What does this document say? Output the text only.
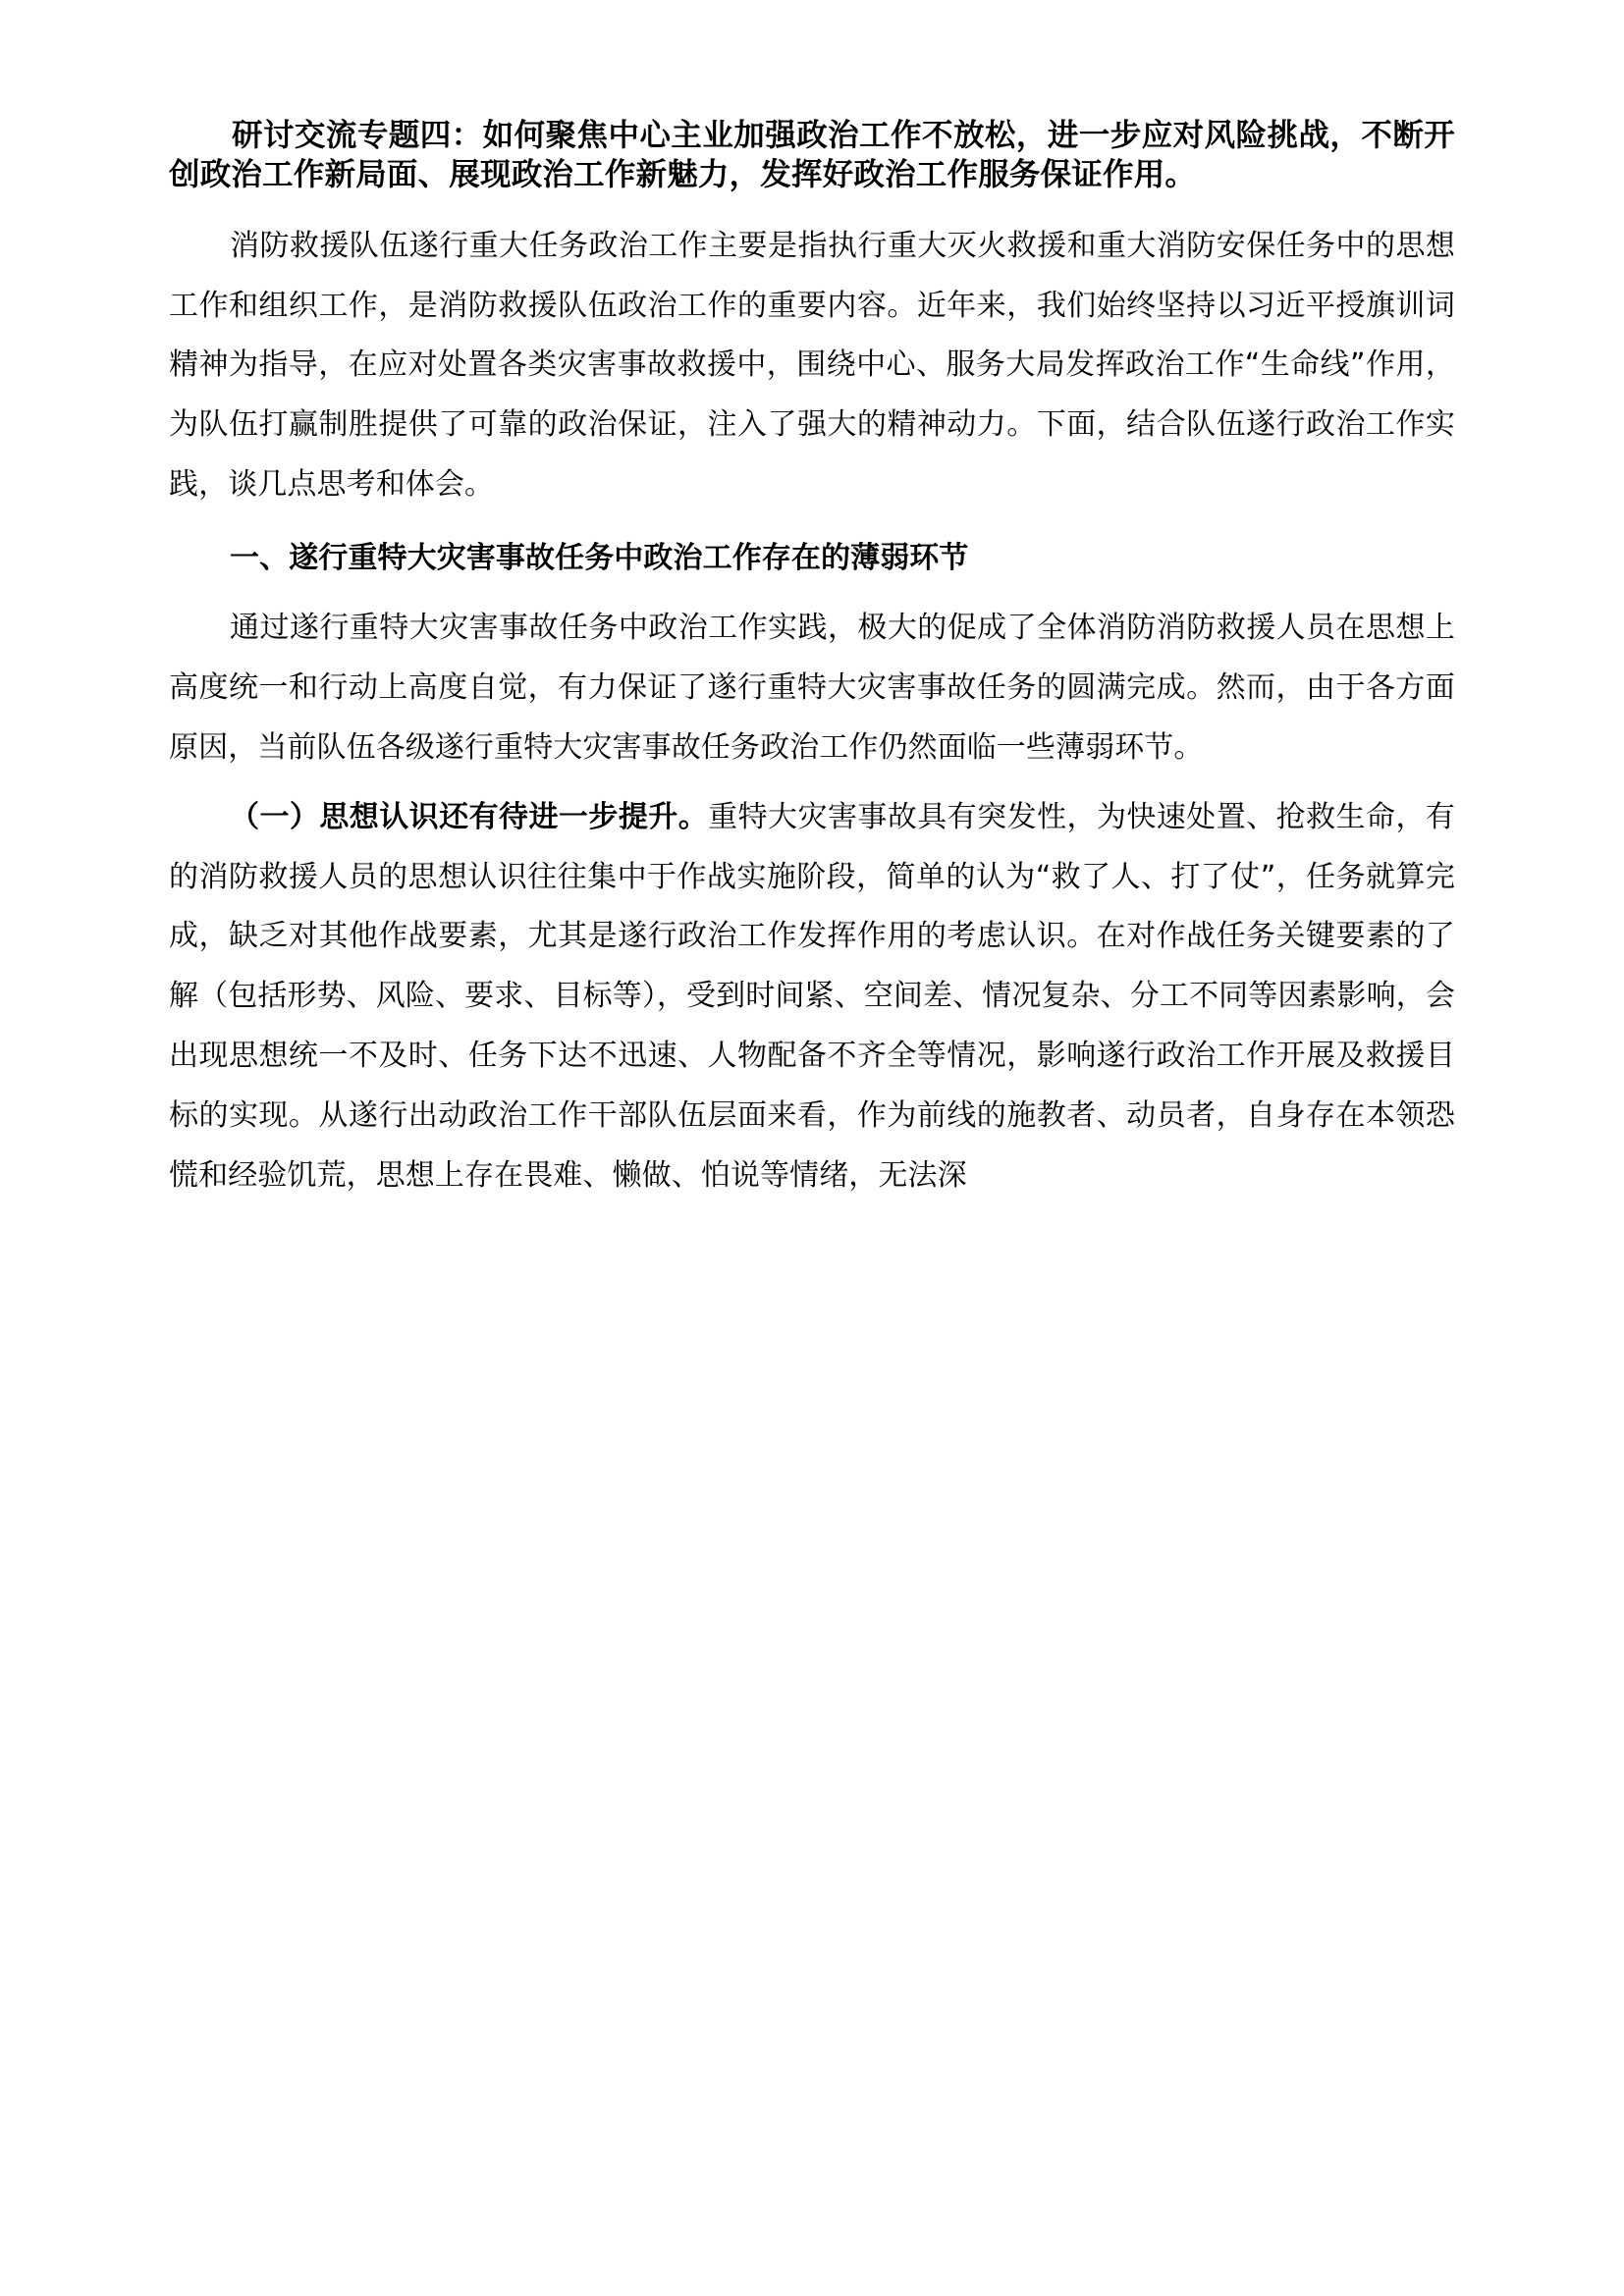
研讨交流专题四：如何聚焦中心主业加强政治工作不放松，进一步应对风险挑战，不断开创政治工作新局面、展现政治工作新魅力，发挥好政治工作服务保证作用。

消防救援队伍遂行重大任务政治工作主要是指执行重大灭火救援和重大消防安保任务中的思想工作和组织工作，是消防救援队伍政治工作的重要内容。近年来，我们始终坚持以习近平授旗训词精神为指导，在应对处置各类灾害事故救援中，围绕中心、服务大局发挥政治工作“生命线”作用，为队伍打赢制胜提供了可靠的政治保证，注入了强大的精神动力。下面，结合队伍遂行政治工作实践，谈几点思考和体会。

一、遂行重特大灾害事故任务中政治工作存在的薄弱环节

通过遂行重特大灾害事故任务中政治工作实践，极大的促成了全体消防消防救援人员在思想上高度统一和行动上高度自觉，有力保证了遂行重特大灾害事故任务的圆满完成。然而，由于各方面原因，当前队伍各级遂行重特大灾害事故任务政治工作仍然面临一些薄弱环节。

（一）思想认识还有待进一步提升。重特大灾害事故具有突发性，为快速处置、抢救生命，有的消防救援人员的思想认识往往集中于作战实施阶段，简单的认为“救了人、打了仗”，任务就算完成，缺乏对其他作战要素，尤其是遂行政治工作发挥作用的考虑认识。在对作战任务关键要素的了解（包括形势、风险、要求、目标等），受到时间紧、空间差、情况复杂、分工不同等因素影响，会出现思想统一不及时、任务下达不迅速、人物配备不齐全等情况，影响遂行政治工作开展及救援目标的实现。从遂行出动政治工作干部队伍层面来看，作为前线的施教者、动员者，自身存在本领恐慌和经验饥荒，思想上存在畏难、懒做、怕说等情绪，无法深
